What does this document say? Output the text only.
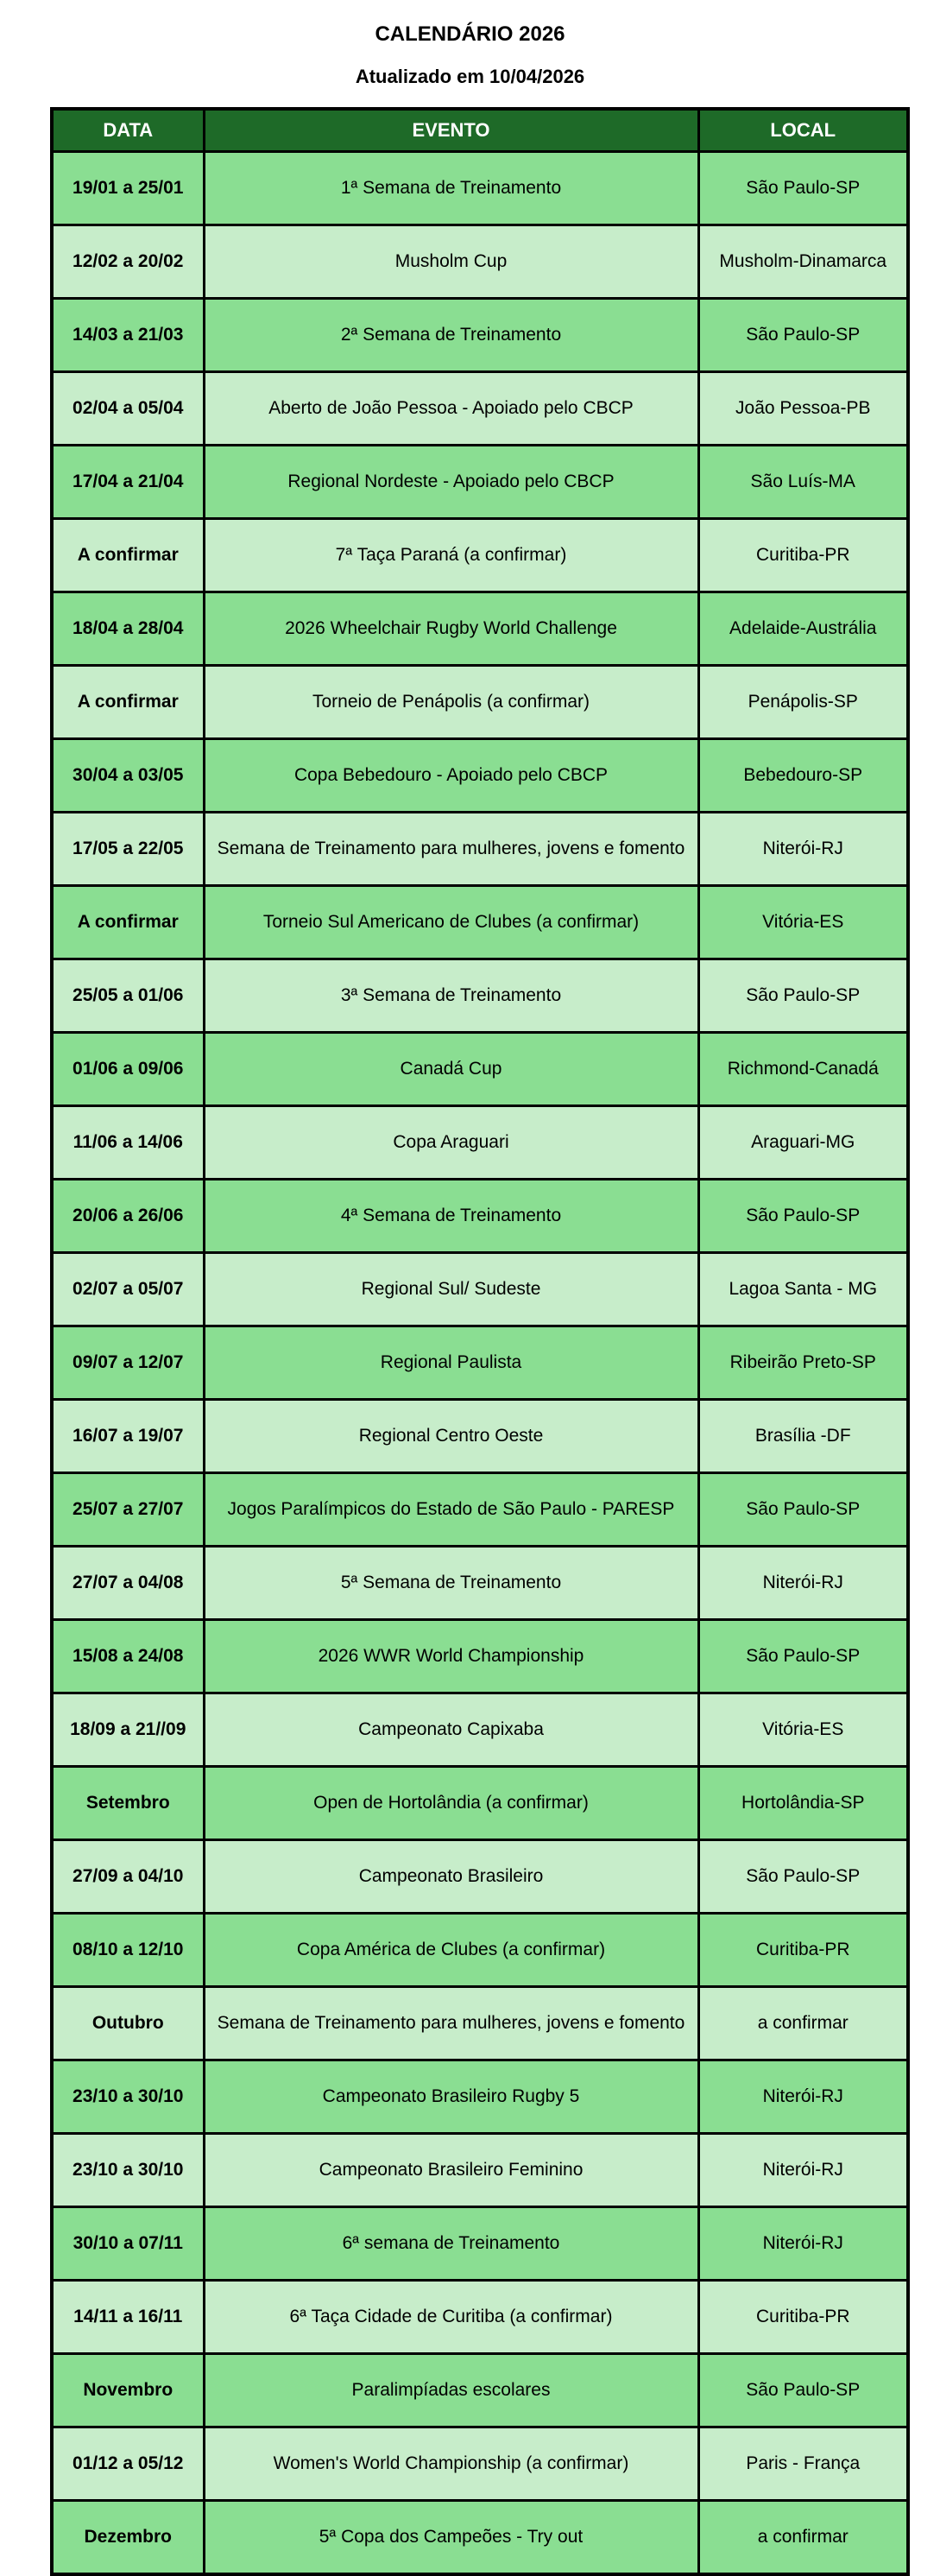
CALENDÁRIO 2026
Atualizado em 10/04/2026
DATA	EVENTO	LOCAL
19/01 a 25/01	1ª Semana de Treinamento	São Paulo-SP
12/02 a 20/02	Musholm Cup	Musholm-Dinamarca
14/03 a 21/03	2ª Semana de Treinamento	São Paulo-SP
02/04 a 05/04	Aberto de João Pessoa - Apoiado pelo CBCP	João Pessoa-PB
17/04 a 21/04	Regional Nordeste - Apoiado pelo CBCP	São Luís-MA
A confirmar	7ª Taça Paraná (a confirmar)	Curitiba-PR
18/04 a 28/04	2026 Wheelchair Rugby World Challenge	Adelaide-Austrália
A confirmar	Torneio de Penápolis (a confirmar)	Penápolis-SP
30/04 a 03/05	Copa Bebedouro - Apoiado pelo CBCP	Bebedouro-SP
17/05 a 22/05	Semana de Treinamento para mulheres, jovens e fomento	Niterói-RJ
A confirmar	Torneio Sul Americano de Clubes (a confirmar)	Vitória-ES
25/05 a 01/06	3ª Semana de Treinamento	São Paulo-SP
01/06 a 09/06	Canadá Cup	Richmond-Canadá
11/06 a 14/06	Copa Araguari	Araguari-MG
20/06 a 26/06	4ª Semana de Treinamento	São Paulo-SP
02/07 a 05/07	Regional Sul/ Sudeste	Lagoa Santa - MG
09/07 a 12/07	Regional Paulista	Ribeirão Preto-SP
16/07 a 19/07	Regional Centro Oeste	Brasília -DF
25/07 a 27/07	Jogos Paralímpicos do Estado de São Paulo - PARESP	São Paulo-SP
27/07 a 04/08	5ª Semana de Treinamento	Niterói-RJ
15/08 a 24/08	2026 WWR World Championship	São Paulo-SP
18/09 a 21//09	Campeonato Capixaba	Vitória-ES
Setembro	Open de Hortolândia (a confirmar)	Hortolândia-SP
27/09 a 04/10	Campeonato Brasileiro	São Paulo-SP
08/10 a 12/10	Copa América de Clubes (a confirmar)	Curitiba-PR
Outubro	Semana de Treinamento para mulheres, jovens e fomento	a confirmar
23/10 a 30/10	Campeonato Brasileiro Rugby 5	Niterói-RJ
23/10 a 30/10	Campeonato Brasileiro Feminino	Niterói-RJ
30/10 a 07/11	6ª semana de Treinamento	Niterói-RJ
14/11 a 16/11	6ª Taça Cidade de Curitiba (a confirmar)	Curitiba-PR
Novembro	Paralimpíadas escolares	São Paulo-SP
01/12 a 05/12	Women's World Championship (a confirmar)	Paris - França
Dezembro	5ª Copa dos Campeões - Try out	a confirmar
